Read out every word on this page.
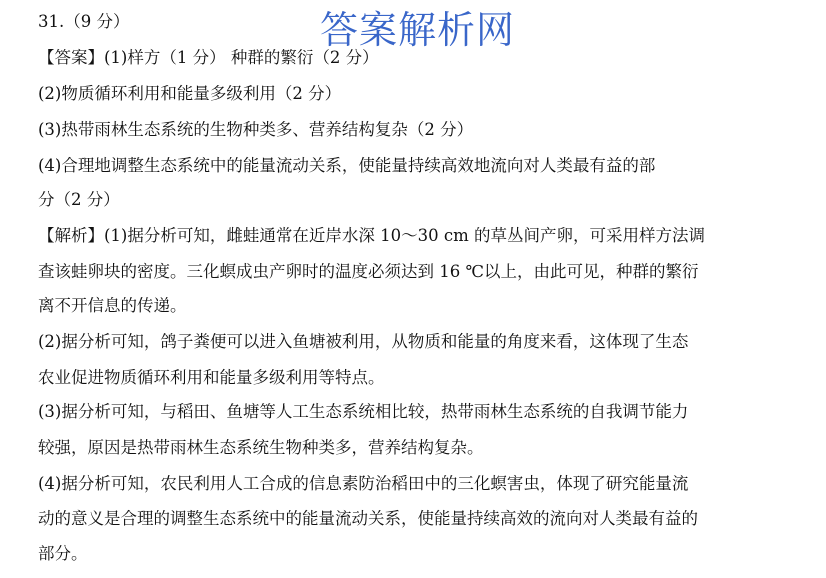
答案解析网
31.（9 分）
【答案】(1)样方（1 分） 种群的繁衍（2 分）
(2)物质循环利用和能量多级利用（2 分）
(3)热带雨林生态系统的生物种类多、营养结构复杂（2 分）
(4)合理地调整生态系统中的能量流动关系，使能量持续高效地流向对人类最有益的部
分（2 分）
【解析】(1)据分析可知，雌蛙通常在近岸水深 10～30 cm 的草丛间产卵，可采用样方法调
查该蛙卵块的密度。三化螟成虫产卵时的温度必须达到 16 ℃以上，由此可见，种群的繁衍
离不开信息的传递。
(2)据分析可知，鸽子粪便可以进入鱼塘被利用，从物质和能量的角度来看，这体现了生态
农业促进物质循环利用和能量多级利用等特点。
(3)据分析可知，与稻田、鱼塘等人工生态系统相比较，热带雨林生态系统的自我调节能力
较强，原因是热带雨林生态系统生物种类多，营养结构复杂。
(4)据分析可知，农民利用人工合成的信息素防治稻田中的三化螟害虫，体现了研究能量流
动的意义是合理的调整生态系统中的能量流动关系，使能量持续高效的流向对人类最有益的
部分。
